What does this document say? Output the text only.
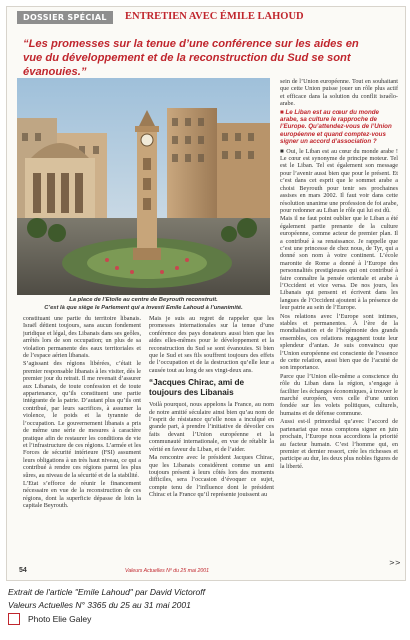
DOSSIER SPÉCIAL	ENTRETIEN AVEC ÉMILE LAHOUD
“Les promesses sur la tenue d’une conférence sur les aides en vue du développement et de la reconstruction du Sud se sont évanouies.”
La place de l’Etoile au centre de Beyrouth reconstruit.
C’est là que siège le Parlement qui a investi Emile Lahoud à l’unanimité.

constituant une partie du territoire libanais. Israël détient toujours, sans aucun fondement juridique et légal, des Libanais dans ses geôles, arrêtés lors de son occupation; un plus de sa violation permanente des eaux territoriales et de l’espace aérien libanais.

S’agissant des régions libérées, c’était le premier responsable libanais à les visiter, dès le premier jour du retrait. Il me revenait d’assurer aux Libanais, de toute confession et de toute appartenance, qu’ils constituent une partie intégrante de la patrie. D’autant plus qu’ils ont contribué, par leurs sacrifices, à assumer la violence, le poids et la tyrannie de l’occupation. Le gouvernement libanais a pris de même une série de mesures à caractère pratique afin de restaurer les conditions de vie et l’infrastructure de ces régions. L’armée et les Forces de sécurité intérieure (FSI) assument leurs obligations à un très haut niveau, ce qui a contribué à rendre ces régions parmi les plus sûres, au niveau de la sécurité et de la stabilité.

L’Etat s’efforce de réunir le financement nécessaire en vue de la reconstruction de ces régions, dont la superficie dépasse de loin la capitale Beyrouth.

Mais je suis au regret de rappeler que les promesses internationales sur la tenue d’une conférence des pays donateurs aussi bien que les aides elles-mêmes pour le développement et la reconstruction du Sud se sont évanouies. Si bien que le Sud et ses fils souffrent toujours des effets de l’occupation et de la destruction qu’elle leur a causée tout au long de ses vingt-deux ans.

“Jacques Chirac, ami de toujours des Libanais

Voilà pourquoi, nous appelons la France, au nom de notre amitié séculaire ainsi bien qu’au nom de l’esprit de résistance qu’elle nous a inculqué en grande part, à prendre l’initiative de dévoiler ces faits devant l’Union européenne et la communauté internationale, en vue de rétablir la vérité en faveur du Liban, et de l’aider.

Ma rencontre avec le président Jacques Chirac, que les Libanais considèrent comme un ami toujours présent à leurs côtés lors des moments difficiles, sera l’occasion d’évoquer ce sujet, compte tenu de l’influence dont le président Chirac et la France qu’il représente jouissent au

sein de l’Union européenne. Tout en souhaitant que cette Union puisse jouer un rôle plus actif et efficace dans la solution du conflit israélo-arabe.

■ Le Liban est au cœur du monde arabe, sa culture le rapproche de l’Europe. Qu’attendez-vous de l’Union européenne et quand comptez-vous signer un accord d’association ?

■ Oui, le Liban est au cœur du monde arabe ! Le cœur est synonyme de principe moteur. Tel est le Liban. Tel est également son message pour l’avenir aussi bien que pour le présent. Et c’est dans cet esprit que le sommet arabe a choisi Beyrouth pour tenir ses prochaines assises en mars 2002. Il faut voir dans cette résolution unanime une profession de foi arabe, pour redonner au Liban le rôle qui lui est dû.

Mais il ne faut point oublier que le Liban a été également partie prenante de la culture européenne, comme acteur de premier plan. Il a contribué à sa renaissance. Je rappelle que c’est une princesse de chez nous, de Tyr, qui a donné son nom à votre continent. L’école maronite de Rome a donné à l’Europe des personnalités prestigieuses qui ont contribué à faire connaître la pensée orientale et arabe à l’Occident et vice versa. De nos jours, les Libanais qui pensent et écrivent dans les langues de l’Occident ajoutent à la présence de leur patrie au sein de l’Europe.

Nos relations avec l’Europe sont intimes, stables et permanentes. À l’ère de la mondialisation et de l’hégémonie des grands ensembles, ces relations regagnent toute leur splendeur d’antan. Je suis convaincu que l’Union européenne est consciente de l’essence de cette relation, aussi bien que de l’acuité de son importance.

Parce que l’Union elle-même a conscience du rôle du Liban dans la région, s’engage à faciliter les échanges économiques, à trouver le marché européen, vers celle d’une union fondée sur les volets politiques, culturels, humains et de défense commune.

Aussi est-il primordial qu’avec l’accord de partenariat que nous comptons signer en juin prochain, l’Europe nous accordions la priorité au facteur humain. C’est l’homme qui, en premier et dernier ressort, crée les richesses et participe au dur, les deux plus nobles figures de la liberté.

54	Valeurs Actuelles Nº du 25 mai 2001
>>
Extrait de l'article "Emile Lahoud" par David Victoroff
Valeurs Actuelles N° 3365 du 25 au 31 mai 2001
Photo Elie Galey
